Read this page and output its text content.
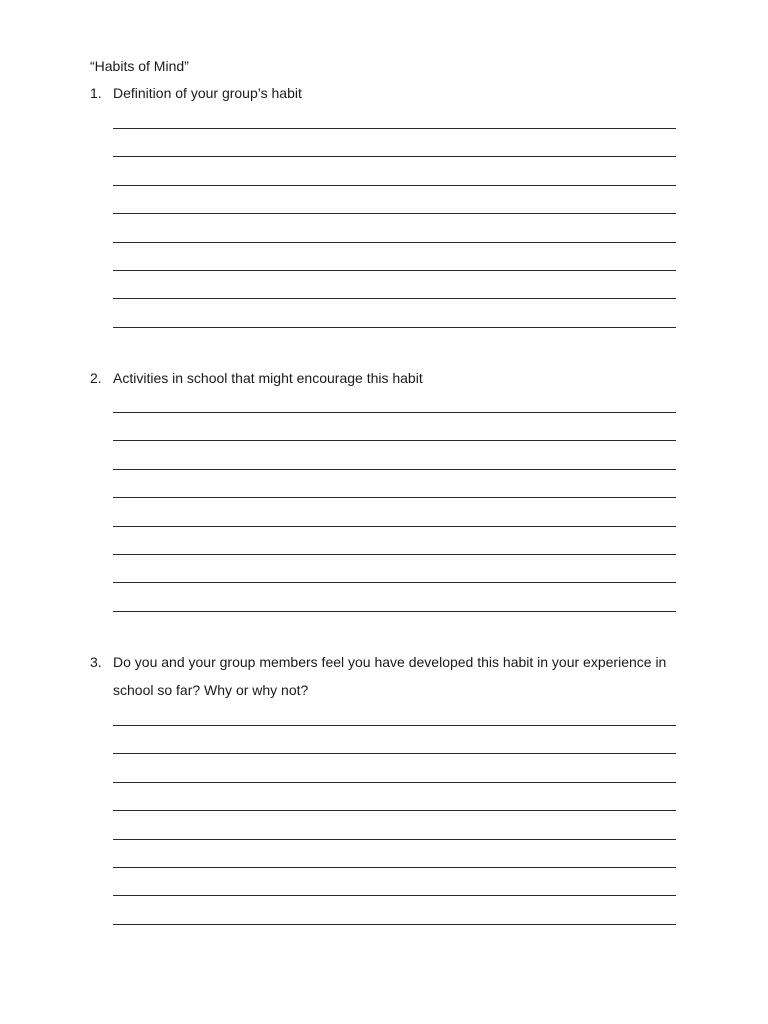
“Habits of Mind”
1. Definition of your group’s habit
2. Activities in school that might encourage this habit
3. Do you and your group members feel you have developed this habit in your experience in school so far? Why or why not?
